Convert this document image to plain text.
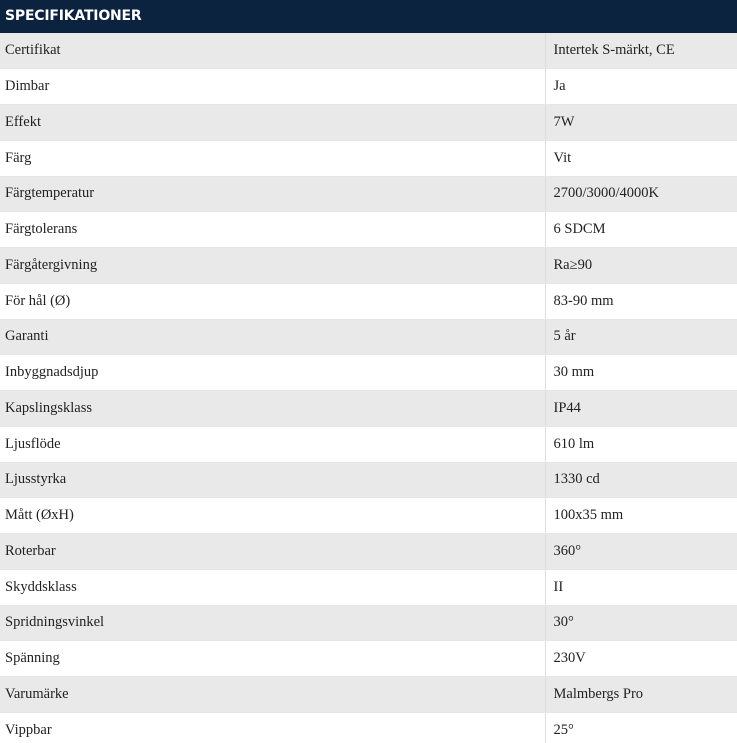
SPECIFIKATIONER
Certifikat	Intertek S-märkt, CE
Dimbar	Ja
Effekt	7W
Färg	Vit
Färgtemperatur	2700/3000/4000K
Färgtolerans	6 SDCM
Färgåtergivning	Ra≥90
För hål (Ø)	83-90 mm
Garanti	5 år
Inbyggnadsdjup	30 mm
Kapslingsklass	IP44
Ljusflöde	610 lm
Ljusstyrka	1330 cd
Mått (ØxH)	100x35 mm
Roterbar	360°
Skyddsklass	II
Spridningsvinkel	30°
Spänning	230V
Varumärke	Malmbergs Pro
Vippbar	25°
